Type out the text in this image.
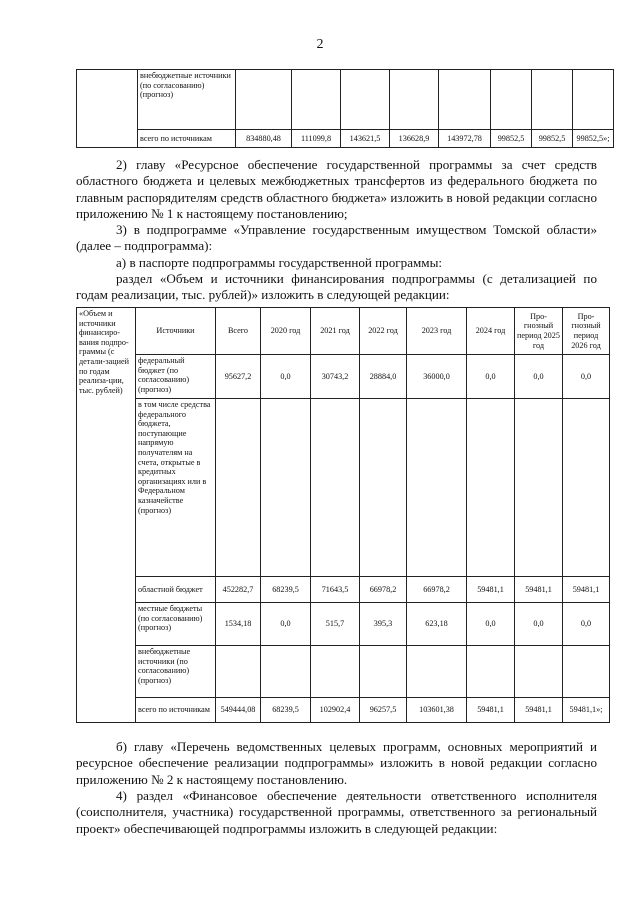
2
	внебюджетные источники (по согласованию) (прогноз)								
	всего по источникам	834880,48	111099,8	143621,5	136628,9	143972,78	99852,5	99852,5	99852,5»;

2) главу «Ресурсное обеспечение государственной программы за счет средств областного бюджета и целевых межбюджетных трансфертов из федерального бюджета по главным распорядителям средств областного бюджета» изложить в новой редакции согласно приложению № 1 к настоящему постановлению;

3) в подпрограмме «Управление государственным имуществом Томской области» (далее – подпрограмма):

а) в паспорте подпрограммы государственной программы:

раздел «Объем и источники финансирования подпрограммы (с детализацией по годам реализации, тыс. рублей)» изложить в следующей редакции:

«Объем и источники финансиро-вания подпро-граммы (с детали-зацией по годам реализа-ции, тыс. рублей)	Источники	Всего	2020 год	2021 год	2022 год	2023 год	2024 год	Про-гнозный период 2025 год	Про-гнозный период 2026 год
	федеральный бюджет (по согласованию) (прогноз)	95627,2	0,0	30743,2	28884,0	36000,0	0,0	0,0	0,0
	в том числе средства федерального бюджета, поступающие напрямую получателям на счета, открытые в кредитных организациях или в Федеральном казначействе (прогноз)								
	областной бюджет	452282,7	68239,5	71643,5	66978,2	66978,2	59481,1	59481,1	59481,1
	местные бюджеты (по согласованию) (прогноз)	1534,18	0,0	515,7	395,3	623,18	0,0	0,0	0,0
	внебюджетные источники (по согласованию) (прогноз)								
	всего по источникам	549444,08	68239,5	102902,4	96257,5	103601,38	59481,1	59481,1	59481,1»;

б) главу «Перечень ведомственных целевых программ, основных мероприятий и ресурсное обеспечение реализации подпрограммы» изложить в новой редакции согласно приложению № 2 к настоящему постановлению.

4) раздел «Финансовое обеспечение деятельности ответственного исполнителя (соисполнителя, участника) государственной программы, ответственного за региональный проект» обеспечивающей подпрограммы изложить в следующей редакции:
